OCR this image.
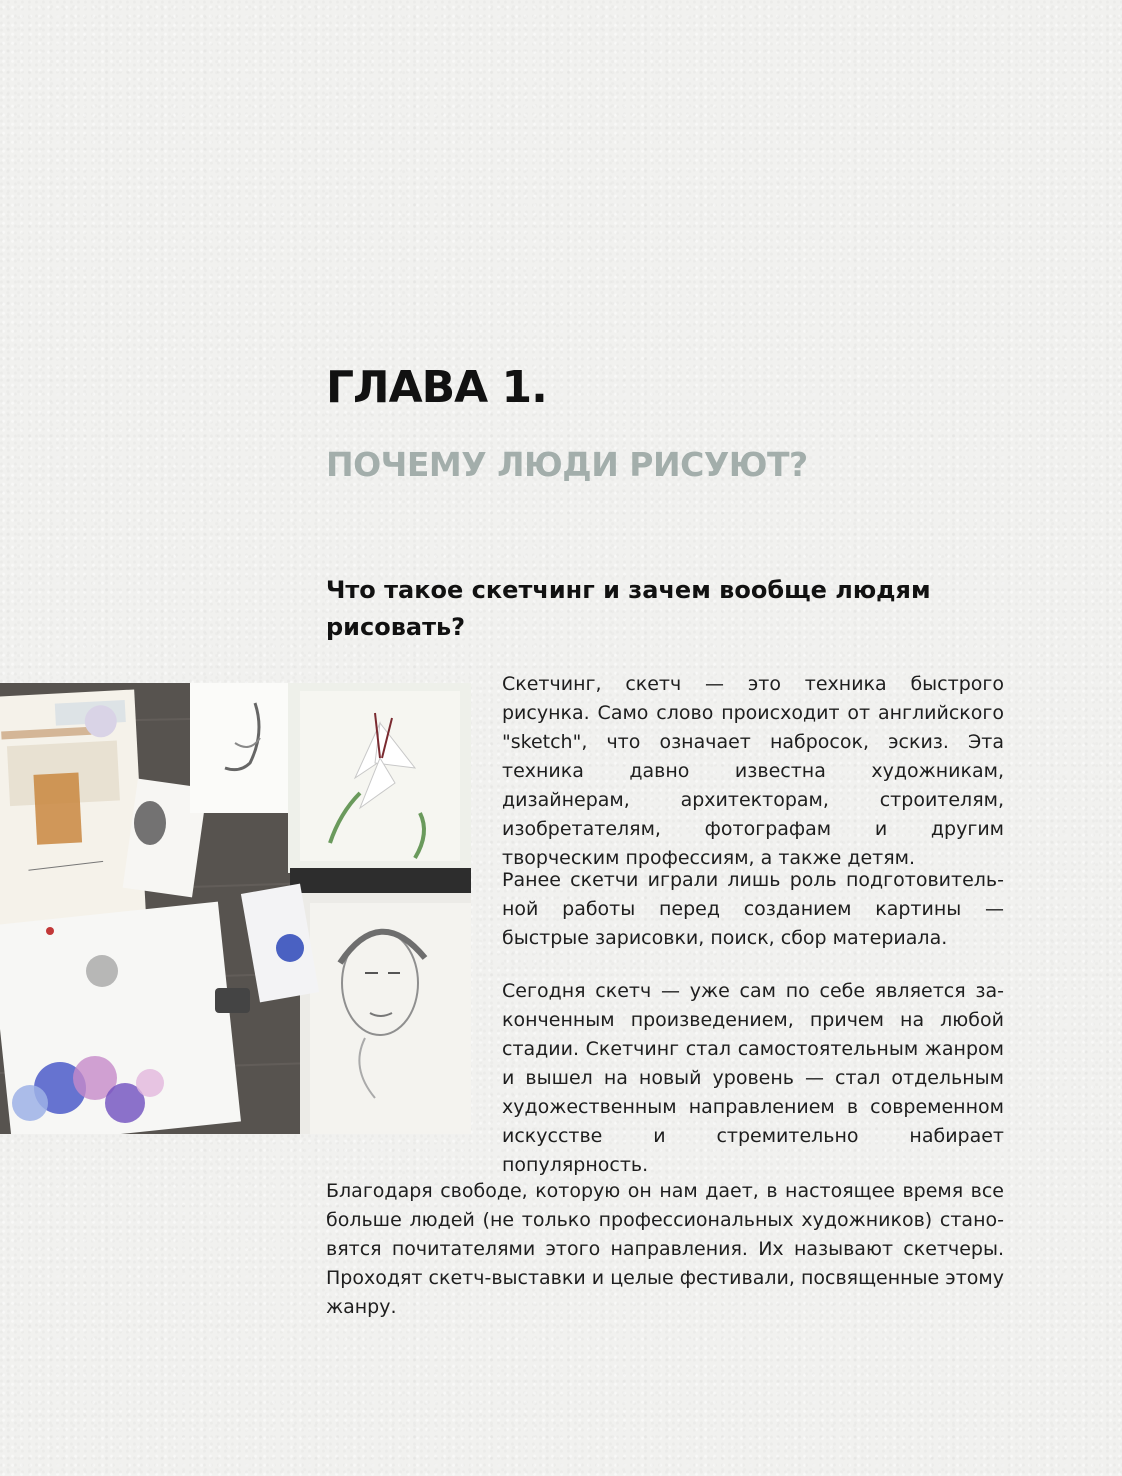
ГЛАВА 1.
ПОЧЕМУ ЛЮДИ РИСУЮТ?
Что такое скетчинг и зачем вообще людям рисовать?

Скетчинг, скетч — это техника быстрого рисунка. Само слово происходит от английского "sketch", что означает набросок, эскиз. Эта техника давно известна художникам, дизайнерам, архитекторам, строителям, изобретателям, фотографам и другим творческим профессиям, а также детям.

Ранее скетчи играли лишь роль подготовительной работы перед созданием картины — быстрые зарисовки, поиск, сбор материала.

Сегодня скетч — уже сам по себе является законченным произведением, причем на любой стадии. Скетчинг стал самостоятельным жанром и вышел на новый уровень — стал отдельным художественным направлением в современном искусстве и стремительно набирает популярность.

Благодаря свободе, которую он нам дает, в настоящее время все больше людей (не только профессиональных художников) становятся почитателями этого направления. Их называют скетчеры. Проходят скетч-выставки и целые фестивали, посвященные этому жанру.
